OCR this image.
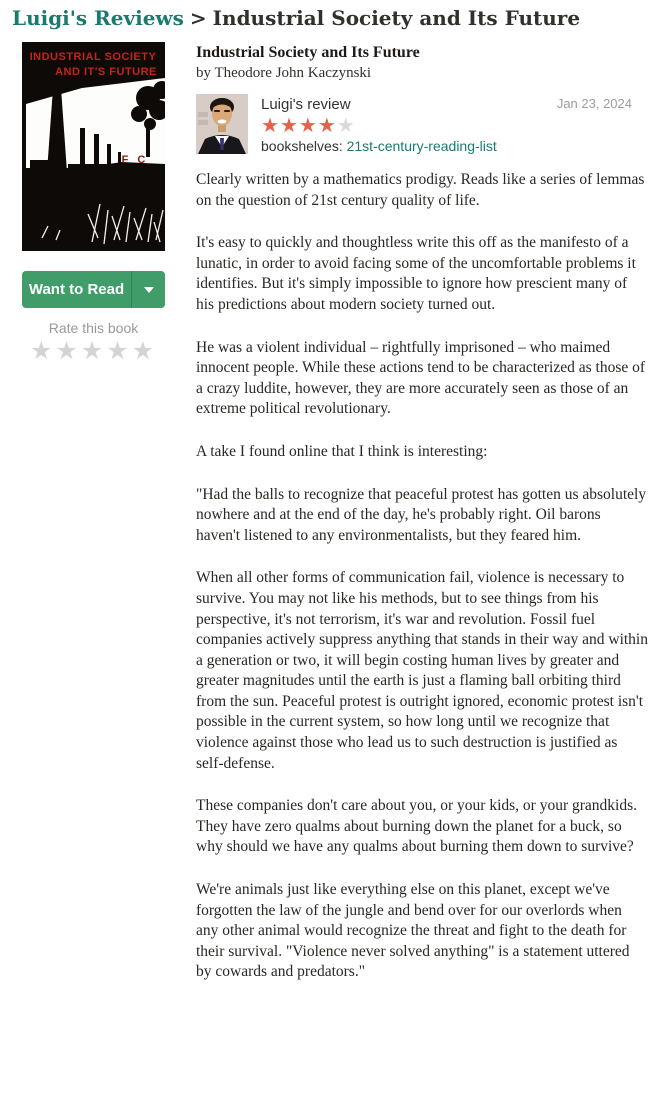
Luigi's Reviews > Industrial Society and Its Future
INDUSTRIAL SOCIETY
AND IT'S FUTURE
F C
Want to Read
Rate this book
★★★★★
Industrial Society and Its Future
by Theodore John Kaczynski
Luigi's review
★★★★★
bookshelves: 21st-century-reading-list
Jan 23, 2024

Clearly written by a mathematics prodigy. Reads like a series of lemmas on the question of 21st century quality of life.

It's easy to quickly and thoughtless write this off as the manifesto of a lunatic, in order to avoid facing some of the uncomfortable problems it identifies. But it's simply impossible to ignore how prescient many of his predictions about modern society turned out.

He was a violent individual – rightfully imprisoned – who maimed innocent people. While these actions tend to be characterized as those of a crazy luddite, however, they are more accurately seen as those of an extreme political revolutionary.

A take I found online that I think is interesting:

"Had the balls to recognize that peaceful protest has gotten us absolutely nowhere and at the end of the day, he's probably right. Oil barons haven't listened to any environmentalists, but they feared him.

When all other forms of communication fail, violence is necessary to survive. You may not like his methods, but to see things from his perspective, it's not terrorism, it's war and revolution. Fossil fuel companies actively suppress anything that stands in their way and within a generation or two, it will begin costing human lives by greater and greater magnitudes until the earth is just a flaming ball orbiting third from the sun. Peaceful protest is outright ignored, economic protest isn't possible in the current system, so how long until we recognize that violence against those who lead us to such destruction is justified as self-defense.

These companies don't care about you, or your kids, or your grandkids. They have zero qualms about burning down the planet for a buck, so why should we have any qualms about burning them down to survive?

We're animals just like everything else on this planet, except we've forgotten the law of the jungle and bend over for our overlords when any other animal would recognize the threat and fight to the death for their survival. "Violence never solved anything" is a statement uttered by cowards and predators."
